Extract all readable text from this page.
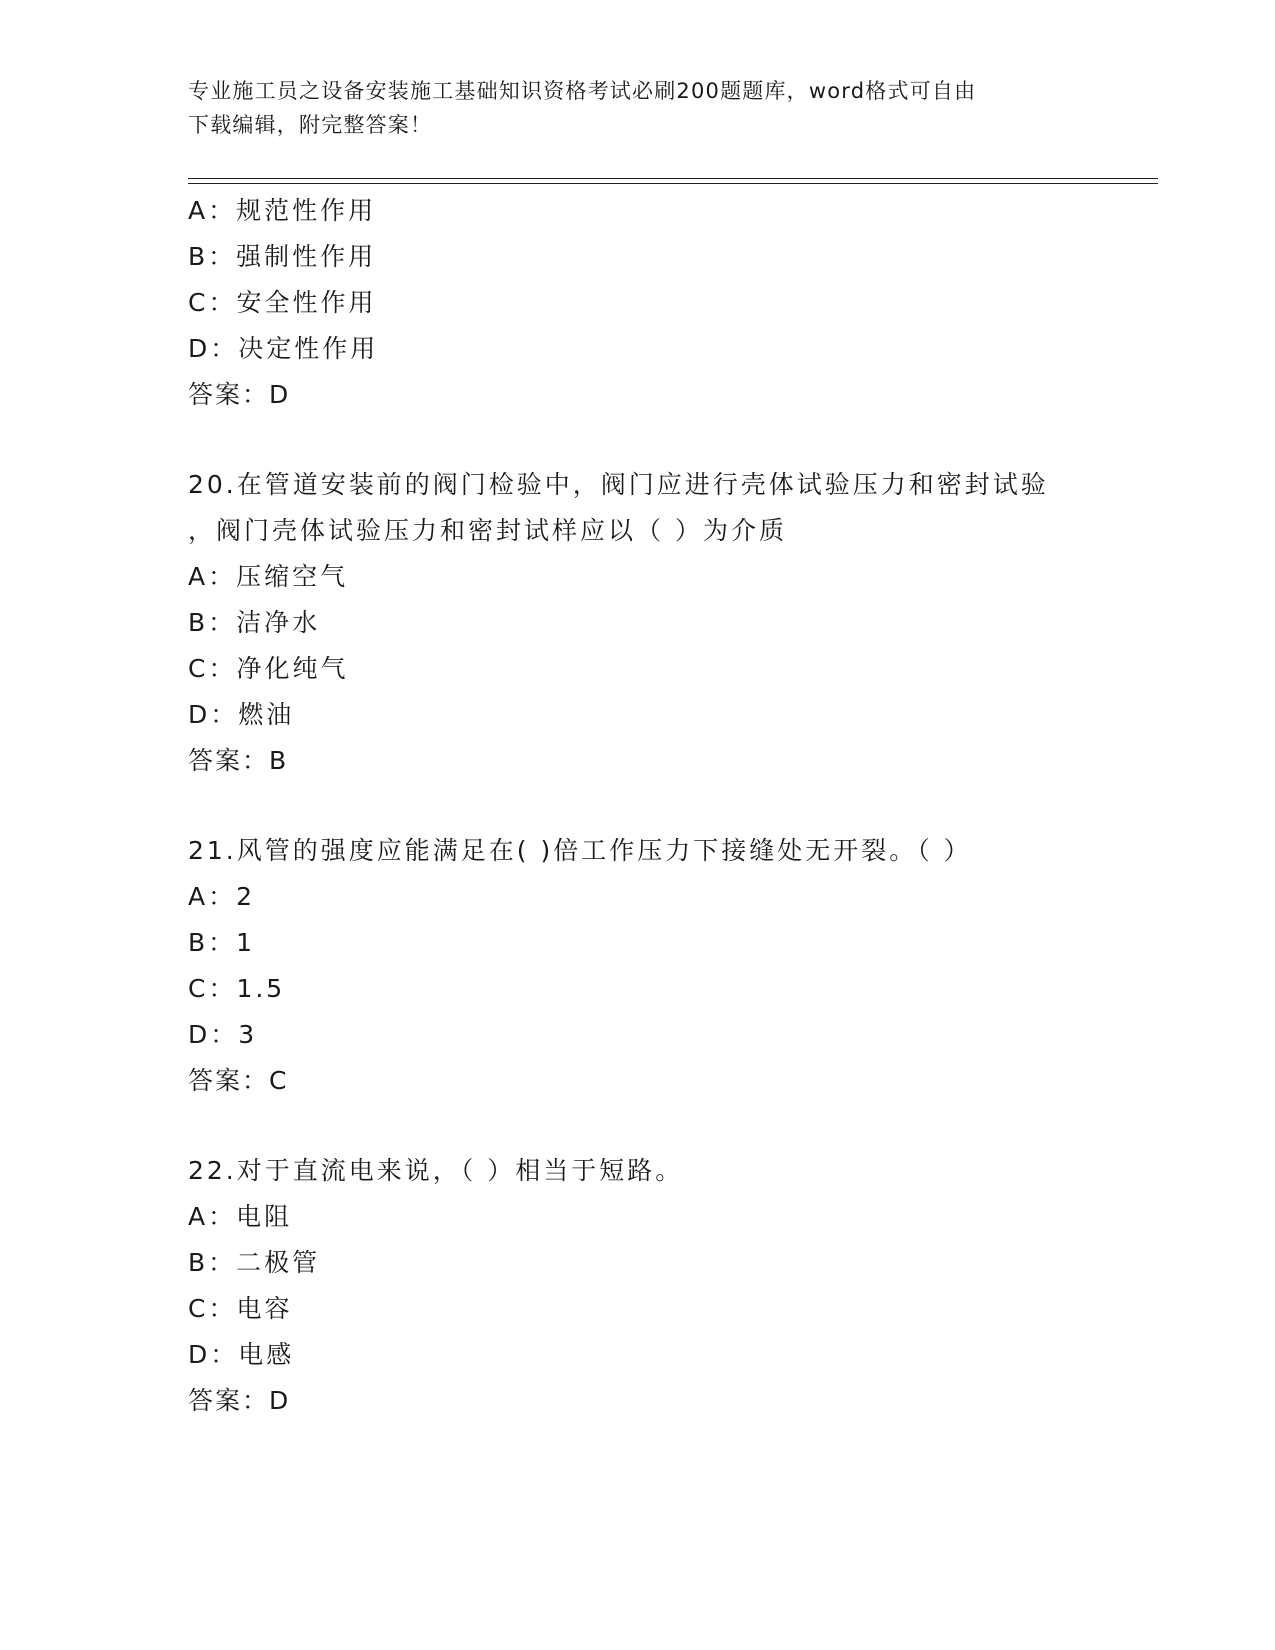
专业施工员之设备安装施工基础知识资格考试必刷200题题库，word格式可自由
下载编辑，附完整答案！
A：规范性作用
B：强制性作用
C：安全性作用
D：决定性作用
答案：D
20.在管道安装前的阀门检验中，阀门应进行壳体试验压力和密封试验
，阀门壳体试验压力和密封试样应以（ ）为介质
A：压缩空气
B：洁净水
C：净化纯气
D：燃油
答案：B
21.风管的强度应能满足在( )倍工作压力下接缝处无开裂。（ ）
A：2
B：1
C：1.5
D：3
答案：C
22.对于直流电来说，（ ）相当于短路。
A：电阻
B：二极管
C：电容
D：电感
答案：D
